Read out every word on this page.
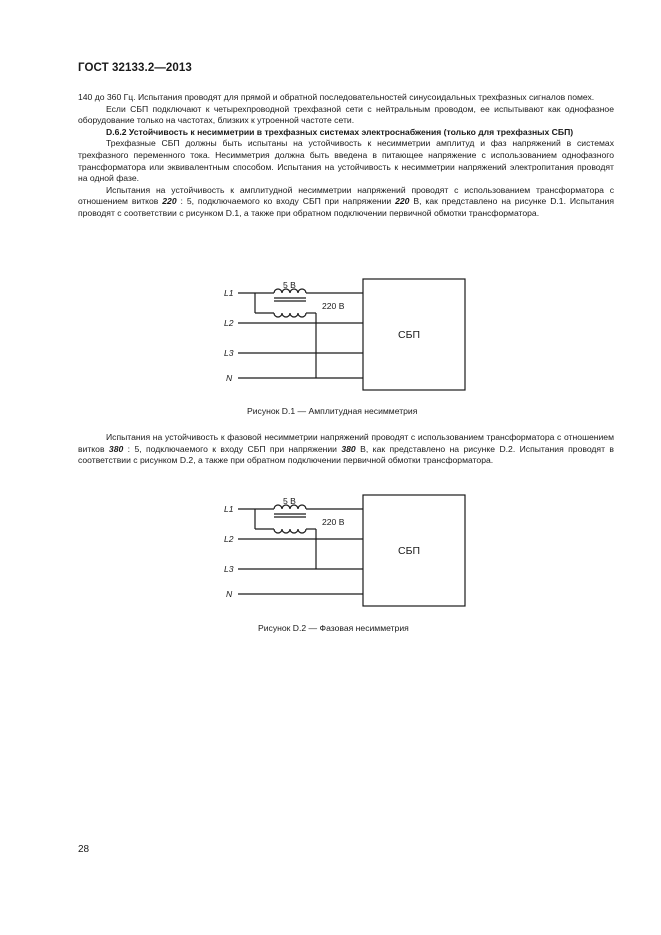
ГОСТ 32133.2—2013

140 до 360 Гц. Испытания проводят для прямой и обратной последовательностей синусоидальных трехфазных сигналов помех.

Если СБП подключают к четырехпроводной трехфазной сети с нейтральным проводом, ее испытывают как однофазное оборудование только на частотах, близких к утроенной частоте сети.

D.6.2 Устойчивость к несимметрии в трехфазных системах электроснабжения (только для трехфазных СБП)

Трехфазные СБП должны быть испытаны на устойчивость к несимметрии амплитуд и фаз напряжений в системах трехфазного переменного тока. Несимметрия должна быть введена в питающее напряжение с использованием однофазного трансформатора или эквивалентным способом. Испытания на устойчивость к несимметрии напряжений электропитания проводят на одной фазе.

Испытания на устойчивость к амплитудной несимметрии напряжений проводят с использованием трансформатора с отношением витков 220 : 5, подключаемого ко входу СБП при напряжении 220 В, как представлено на рисунке D.1. Испытания проводят с соответствии с рисунком D.1, а также при обратном подключении первичной обмотки трансформатора.

L1
L2
L3
N
5 В
220 В
СБП
Рисунок D.1 — Амплитудная несимметрия

Испытания на устойчивость к фазовой несимметрии напряжений проводят с использованием трансформатора с отношением витков 380 : 5, подключаемого к входу СБП при напряжении 380 В, как представлено на рисунке D.2. Испытания проводят в соответствии с рисунком D.2, а также при обратном подключении первичной обмотки трансформатора.

L1
L2
L3
N
5 В
220 В
СБП
Рисунок D.2 — Фазовая несимметрия
28
